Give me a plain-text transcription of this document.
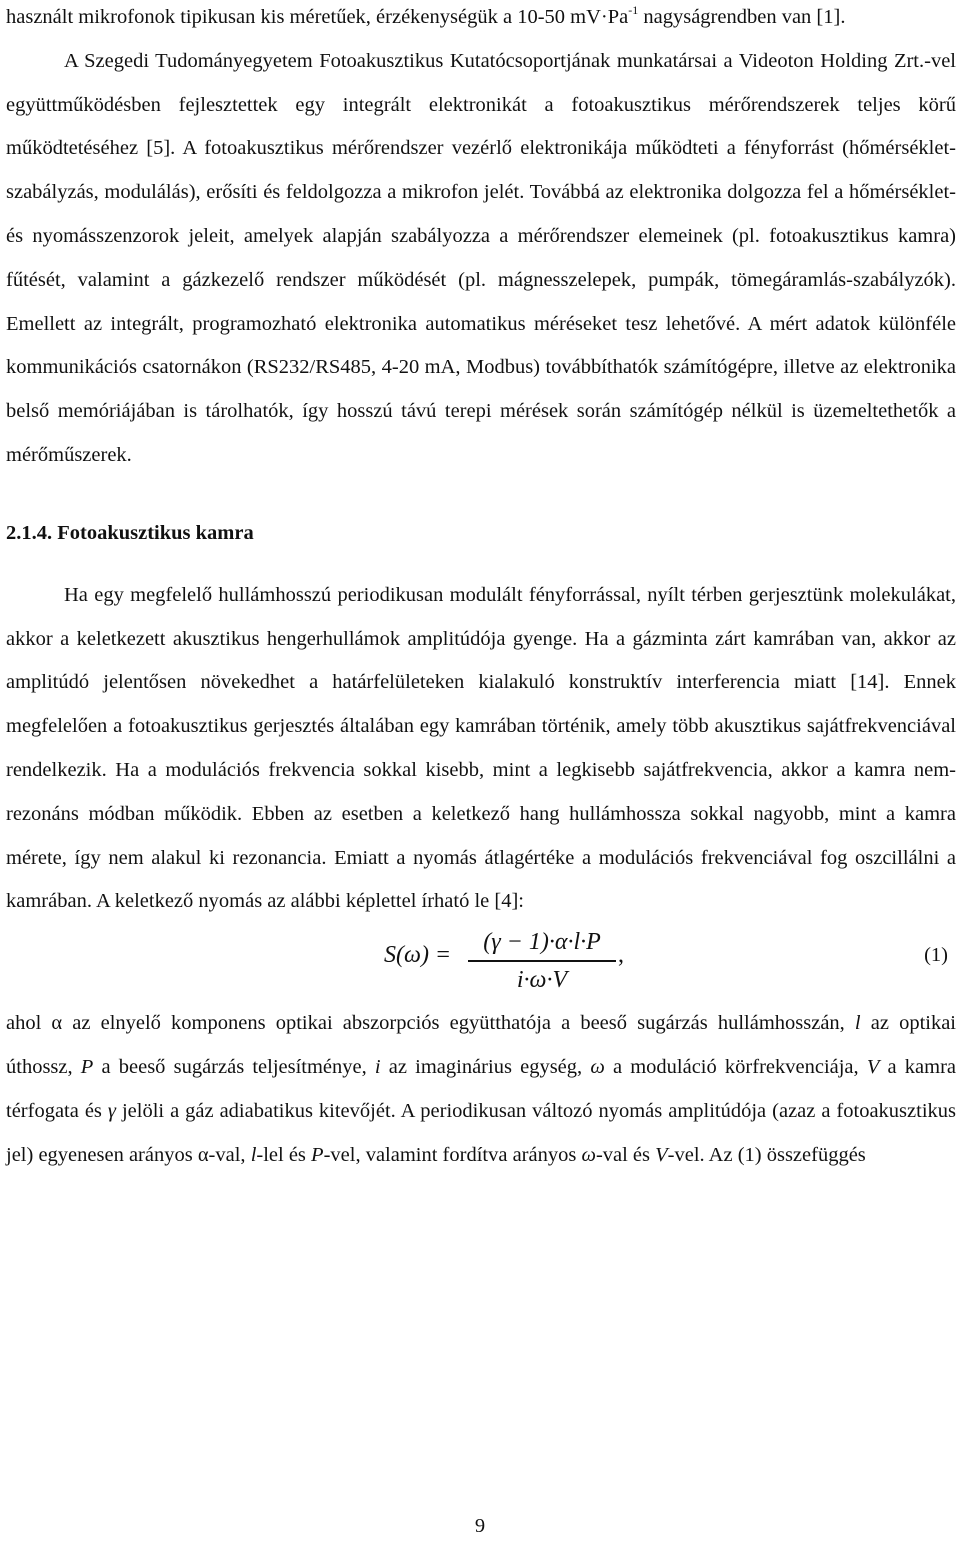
használt mikrofonok tipikusan kis méretűek, érzékenységük a 10-50 $mV\cdot Pa^{-1}$ nagyságrendben van [1].

A Szegedi Tudományegyetem Fotoakusztikus Kutatócsoportjának munkatársai a Videoton Holding Zrt.-vel együttműködésben fejlesztettek egy integrált elektronikát a fotoakusztikus mérőrendszerek teljes körű működtetéséhez [5]. A fotoakusztikus mérőrendszer vezérlő elektronikája működteti a fényforrást (hőmérséklet-szabályzás, modulálás), erősíti és feldolgozza a mikrofon jelét. Továbbá az elektronika dolgozza fel a hőmérséklet- és nyomásszenzorok jeleit, amelyek alapján szabályozza a mérőrendszer elemeinek (pl. fotoakusztikus kamra) fűtését, valamint a gázkezelő rendszer működését (pl. mágnesszelepek, pumpák, tömegáramlás-szabályzók). Emellett az integrált, programozható elektronika automatikus méréseket tesz lehetővé. A mért adatok különféle kommunikációs csatornákon (RS232/RS485, 4-20 mA, Modbus) továbbíthatók számítógépre, illetve az elektronika belső memóriájában is tárolhatók, így hosszú távú terepi mérések során számítógép nélkül is üzemeltethetők a mérőműszerek.

2.1.4. Fotoakusztikus kamra

Ha egy megfelelő hullámhosszú periodikusan modulált fényforrással, nyílt térben gerjesztünk molekulákat, akkor a keletkezett akusztikus hengerhullámok amplitúdója gyenge. Ha a gázminta zárt kamrában van, akkor az amplitúdó jelentősen növekedhet a határfelületeken kialakuló konstruktív interferencia miatt [14]. Ennek megfelelően a fotoakusztikus gerjesztés általában egy kamrában történik, amely több akusztikus sajátfrekvenciával rendelkezik. Ha a modulációs frekvencia sokkal kisebb, mint a legkisebb sajátfrekvencia, akkor a kamra nem-rezonáns módban működik. Ebben az esetben a keletkező hang hullámhossza sokkal nagyobb, mint a kamra mérete, így nem alakul ki rezonancia. Emiatt a nyomás átlagértéke a modulációs frekvenciával fog oszcillálni a kamrában. A keletkező nyomás az alábbi képlettel írható le [4]:

S(ω) =	(γ − 1)·α·l·P
i·ω·V
,	(1)

ahol α az elnyelő komponens optikai abszorpciós együtthatója a beeső sugárzás hullámhosszán, l az optikai úthossz, P a beeső sugárzás teljesítménye, i az imaginárius egység, ω a moduláció körfrekvenciája, V a kamra térfogata és γ jelöli a gáz adiabatikus kitevőjét. A periodikusan változó nyomás amplitúdója (azaz a fotoakusztikus jel) egyenesen arányos α-val, l-lel és P-vel, valamint fordítva arányos ω-val és V-vel. Az (1) összefüggés

9
